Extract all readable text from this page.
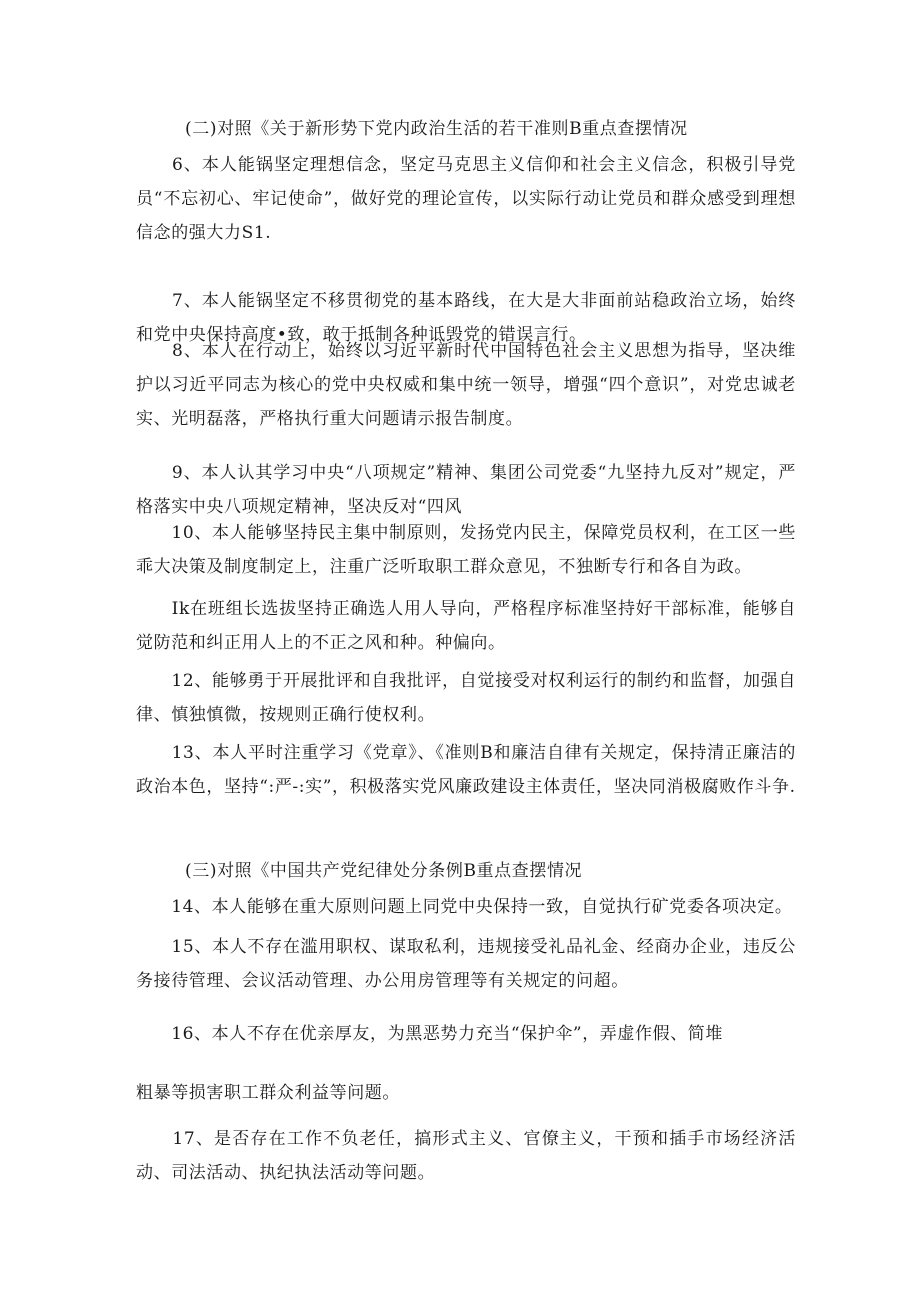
(二)对照《关于新形势下党内政治生活的若干准则B重点查摆情况
　　6、本人能锅坚定理想信念，坚定马克思主义信仰和社会主义信念，积极引导党员“不忘初心、牢记使命”，做好党的理论宣传，以实际行动让党员和群众感受到理想信念的强大力S1.
　　7、本人能锅坚定不移贯彻党的基本路线，在大是大非面前站稳政治立场，始终和党中央保持高度•致，敢于抵制各种诋毁党的错误言行。
　　8、本人在行动上，始终以习近平新时代中国特色社会主义思想为指导，坚决维护以习近平同志为核心的党中央权威和集中统一领导，增强“四个意识”，对党忠诚老实、光明磊落，严格执行重大问题请示报告制度。
　　9、本人认其学习中央“八项规定”精神、集团公司党委“九坚持九反对”规定，严格落实中央八项规定精神，坚决反对“四风
　　10、本人能够坚持民主集中制原则，发扬党内民主，保障党员权利，在工区一些乖大决策及制度制定上，注重广泛听取职工群众意见，不独断专行和各自为政。
　　Ik在班组长选拔坚持正确选人用人导向，严格程序标准坚持好干部标准，能够自觉防范和纠正用人上的不正之风和种。种偏向。
　　12、能够勇于开展批评和自我批评，自觉接受对权利运行的制约和监督，加强自律、慎独慎微，按规则正确行使权利。
　　13、本人平时注重学习《党章》、《准则B和廉洁自律有关规定，保持清正廉洁的政治本色，坚持“:严-:实”，积极落实党风廉政建设主体责任，坚决同消极腐败作斗争.
(三)对照《中国共产党纪律处分条例B重点查摆情况
　　14、本人能够在重大原则问题上同党中央保持一致，自觉执行矿党委各项决定。
　　15、本人不存在滥用职权、谋取私利，违规接受礼品礼金、经商办企业，违反公务接待管理、会议活动管理、办公用房管理等有关规定的问超。
　　16、本人不存在优亲厚友，为黑恶势力充当“保护伞”，弄虚作假、简堆
粗暴等损害职工群众利益等问题。
　　17、是否存在工作不负老任，搞形式主义、官僚主义，干预和插手市场经济活动、司法活动、执纪执法活动等问题。
